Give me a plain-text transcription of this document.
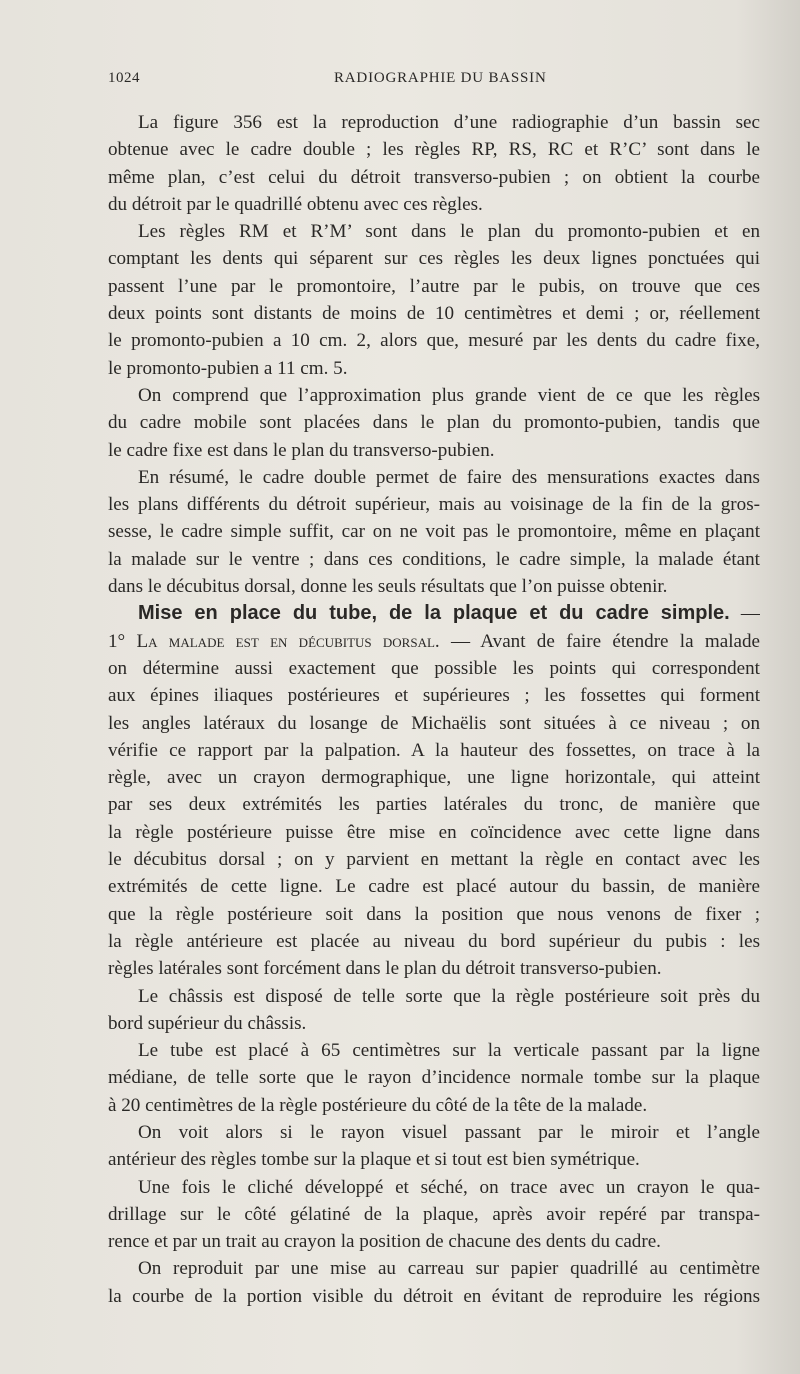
1024	RADIOGRAPHIE DU BASSIN
La figure 356 est la reproduction d’une radiographie d’un bassin sec
obtenue avec le cadre double ; les règles RP, RS, RC et R’C’ sont dans le
même plan, c’est celui du détroit transverso-pubien ; on obtient la courbe
du détroit par le quadrillé obtenu avec ces règles.
Les règles RM et R’M’ sont dans le plan du promonto-pubien et en
comptant les dents qui séparent sur ces règles les deux lignes ponctuées qui
passent l’une par le promontoire, l’autre par le pubis, on trouve que ces
deux points sont distants de moins de 10 centimètres et demi ; or, réellement
le promonto-pubien a 10 cm. 2, alors que, mesuré par les dents du cadre fixe,
le promonto-pubien a 11 cm. 5.
On comprend que l’approximation plus grande vient de ce que les règles
du cadre mobile sont placées dans le plan du promonto-pubien, tandis que
le cadre fixe est dans le plan du transverso-pubien.
En résumé, le cadre double permet de faire des mensurations exactes dans
les plans différents du détroit supérieur, mais au voisinage de la fin de la gros-
sesse, le cadre simple suffit, car on ne voit pas le promontoire, même en plaçant
la malade sur le ventre ; dans ces conditions, le cadre simple, la malade étant
dans le décubitus dorsal, donne les seuls résultats que l’on puisse obtenir.
Mise en place du tube, de la plaque et du cadre simple. —
1° La malade est en décubitus dorsal. — Avant de faire étendre la malade
on détermine aussi exactement que possible les points qui correspondent
aux épines iliaques postérieures et supérieures ; les fossettes qui forment
les angles latéraux du losange de Michaëlis sont situées à ce niveau ; on
vérifie ce rapport par la palpation. A la hauteur des fossettes, on trace à la
règle, avec un crayon dermographique, une ligne horizontale, qui atteint
par ses deux extrémités les parties latérales du tronc, de manière que
la règle postérieure puisse être mise en coïncidence avec cette ligne dans
le décubitus dorsal ; on y parvient en mettant la règle en contact avec les
extrémités de cette ligne. Le cadre est placé autour du bassin, de manière
que la règle postérieure soit dans la position que nous venons de fixer ;
la règle antérieure est placée au niveau du bord supérieur du pubis : les
règles latérales sont forcément dans le plan du détroit transverso-pubien.
Le châssis est disposé de telle sorte que la règle postérieure soit près du
bord supérieur du châssis.
Le tube est placé à 65 centimètres sur la verticale passant par la ligne
médiane, de telle sorte que le rayon d’incidence normale tombe sur la plaque
à 20 centimètres de la règle postérieure du côté de la tête de la malade.
On voit alors si le rayon visuel passant par le miroir et l’angle
antérieur des règles tombe sur la plaque et si tout est bien symétrique.
Une fois le cliché développé et séché, on trace avec un crayon le qua-
drillage sur le côté gélatiné de la plaque, après avoir repéré par transpa-
rence et par un trait au crayon la position de chacune des dents du cadre.
On reproduit par une mise au carreau sur papier quadrillé au centimètre
la courbe de la portion visible du détroit en évitant de reproduire les régions
